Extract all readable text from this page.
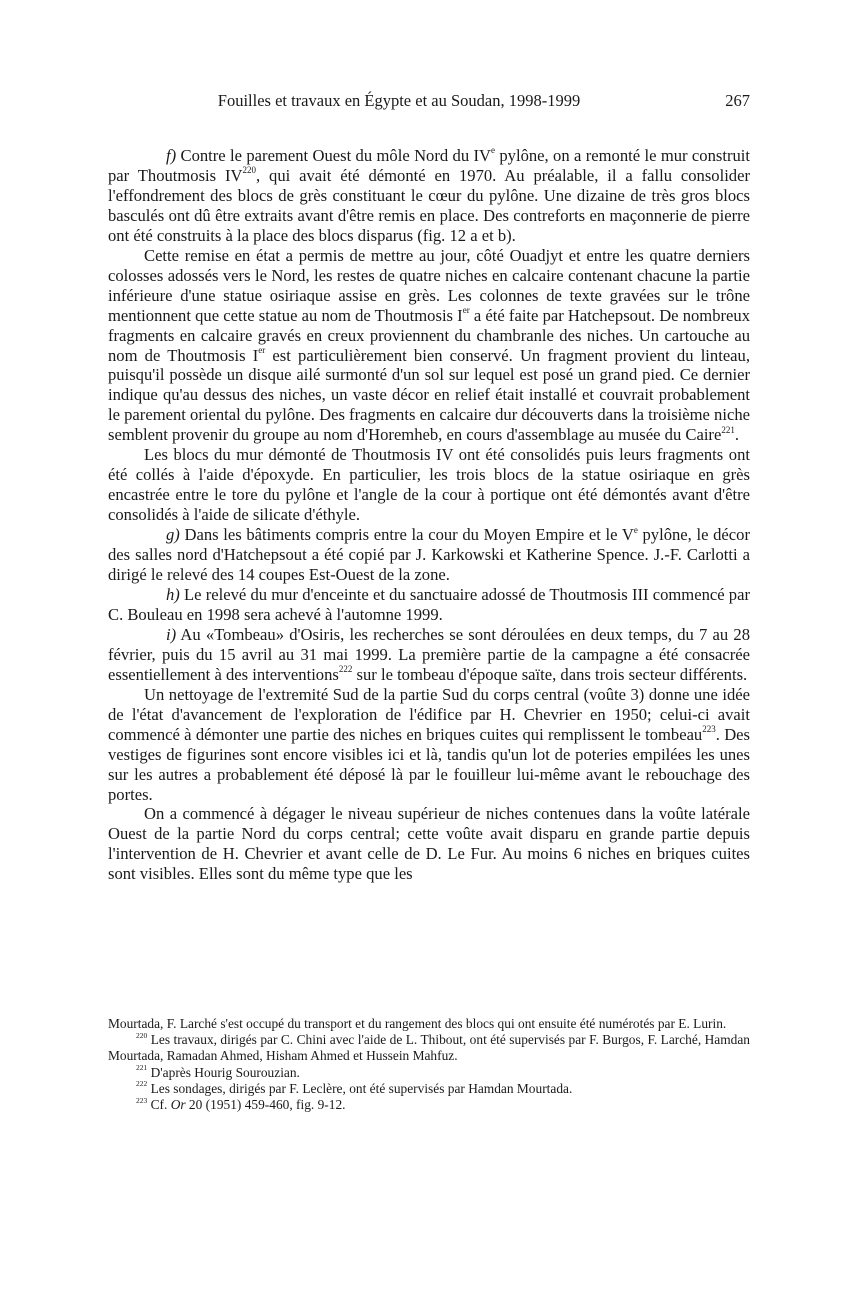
Fouilles et travaux en Égypte et au Soudan, 1998-1999	267

f) Contre le parement Ouest du môle Nord du IVe pylône, on a remonté le mur construit par Thoutmosis IV$^{220}$, qui avait été démonté en 1970. Au préalable, il a fallu consolider l'effondrement des blocs de grès constituant le cœur du pylône. Une dizaine de très gros blocs basculés ont dû être extraits avant d'être remis en place. Des contreforts en maçonnerie de pierre ont été construits à la place des blocs disparus (fig. 12 a et b).

Cette remise en état a permis de mettre au jour, côté Ouadjyt et entre les quatre derniers colosses adossés vers le Nord, les restes de quatre niches en calcaire contenant chacune la partie inférieure d'une statue osiriaque assise en grès. Les colonnes de texte gravées sur le trône mentionnent que cette statue au nom de Thoutmosis Ier a été faite par Hatchepsout. De nombreux fragments en calcaire gravés en creux proviennent du chambranle des niches. Un cartouche au nom de Thoutmosis Ier est particulièrement bien conservé. Un fragment provient du linteau, puisqu'il possède un disque ailé surmonté d'un sol sur lequel est posé un grand pied. Ce dernier indique qu'au dessus des niches, un vaste décor en relief était installé et couvrait probablement le parement oriental du pylône. Des fragments en calcaire dur découverts dans la troisième niche semblent provenir du groupe au nom d'Horemheb, en cours d'assemblage au musée du Caire$^{221}$.

Les blocs du mur démonté de Thoutmosis IV ont été consolidés puis leurs fragments ont été collés à l'aide d'époxyde. En particulier, les trois blocs de la statue osiriaque en grès encastrée entre le tore du pylône et l'angle de la cour à portique ont été démontés avant d'être consolidés à l'aide de silicate d'éthyle.

g) Dans les bâtiments compris entre la cour du Moyen Empire et le Ve pylône, le décor des salles nord d'Hatchepsout a été copié par J. Karkowski et Katherine Spence. J.-F. Carlotti a dirigé le relevé des 14 coupes Est-Ouest de la zone.

h) Le relevé du mur d'enceinte et du sanctuaire adossé de Thoutmosis III commencé par C. Bouleau en 1998 sera achevé à l'automne 1999.

i) Au «Tombeau» d'Osiris, les recherches se sont déroulées en deux temps, du 7 au 28 février, puis du 15 avril au 31 mai 1999. La première partie de la campagne a été consacrée essentiellement à des interventions$^{222}$ sur le tombeau d'époque saïte, dans trois secteur différents.

Un nettoyage de l'extremité Sud de la partie Sud du corps central (voûte 3) donne une idée de l'état d'avancement de l'exploration de l'édifice par H. Chevrier en 1950; celui-ci avait commencé à démonter une partie des niches en briques cuites qui remplissent le tombeau$^{223}$. Des vestiges de figurines sont encore visibles ici et là, tandis qu'un lot de poteries empilées les unes sur les autres a probablement été déposé là par le fouilleur lui-même avant le rebouchage des portes.

On a commencé à dégager le niveau supérieur de niches contenues dans la voûte latérale Ouest de la partie Nord du corps central; cette voûte avait disparu en grande partie depuis l'intervention de H. Chevrier et avant celle de D. Le Fur. Au moins 6 niches en briques cuites sont visibles. Elles sont du même type que les

Mourtada, F. Larché s'est occupé du transport et du rangement des blocs qui ont ensuite été numérotés par E. Lurin.

$^{220}$ Les travaux, dirigés par C. Chini avec l'aide de L. Thibout, ont été supervisés par F. Burgos, F. Larché, Hamdan Mourtada, Ramadan Ahmed, Hisham Ahmed et Hussein Mahfuz.

$^{221}$ D'après Hourig Sourouzian.

$^{222}$ Les sondages, dirigés par F. Leclère, ont été supervisés par Hamdan Mourtada.

$^{223}$ Cf. Or 20 (1951) 459-460, fig. 9-12.
